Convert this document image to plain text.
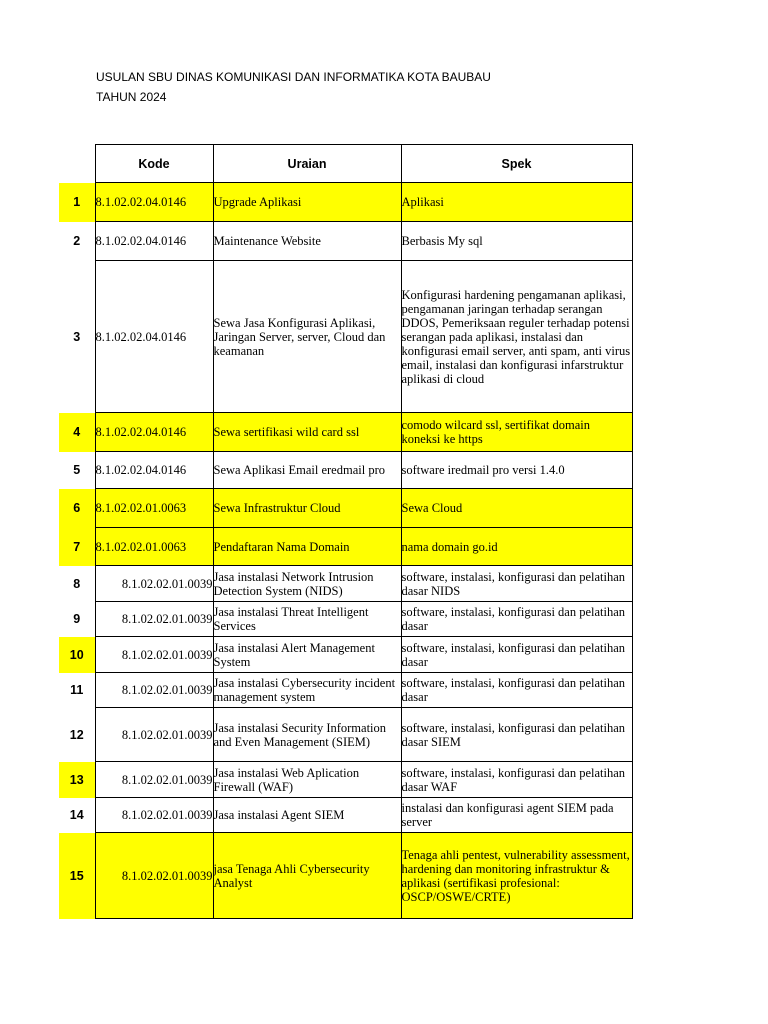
USULAN SBU DINAS KOMUNIKASI DAN INFORMATIKA KOTA BAUBAU
TAHUN 2024
	Kode	Uraian	Spek
1	8.1.02.02.04.0146	Upgrade Aplikasi	Aplikasi
2	8.1.02.02.04.0146	Maintenance Website	Berbasis My sql
3	8.1.02.02.04.0146	Sewa Jasa Konfigurasi Aplikasi, Jaringan Server, server, Cloud dan keamanan	Konfigurasi hardening pengamanan aplikasi, pengamanan jaringan terhadap serangan DDOS, Pemeriksaan reguler terhadap potensi serangan pada aplikasi, instalasi dan konfigurasi email server, anti spam, anti virus email, instalasi dan konfigurasi infarstruktur aplikasi di cloud
4	8.1.02.02.04.0146	Sewa sertifikasi wild card ssl	comodo wilcard ssl, sertifikat domain koneksi ke https
5	8.1.02.02.04.0146	Sewa Aplikasi Email eredmail pro	software iredmail pro versi 1.4.0
6	8.1.02.02.01.0063	Sewa Infrastruktur Cloud	Sewa Cloud
7	8.1.02.02.01.0063	Pendaftaran Nama Domain	nama domain go.id
8	8.1.02.02.01.0039	Jasa instalasi Network Intrusion Detection System (NIDS)	software, instalasi, konfigurasi dan pelatihan dasar NIDS
9	8.1.02.02.01.0039	Jasa instalasi Threat Intelligent Services	software, instalasi, konfigurasi dan pelatihan dasar
10	8.1.02.02.01.0039	Jasa instalasi Alert Management System	software, instalasi, konfigurasi dan pelatihan dasar
11	8.1.02.02.01.0039	Jasa instalasi Cybersecurity incident management system	software, instalasi, konfigurasi dan pelatihan dasar
12	8.1.02.02.01.0039	Jasa instalasi Security Information and Even Management (SIEM)	software, instalasi, konfigurasi dan pelatihan dasar SIEM
13	8.1.02.02.01.0039	Jasa instalasi Web Aplication Firewall (WAF)	software, instalasi, konfigurasi dan pelatihan dasar WAF
14	8.1.02.02.01.0039	Jasa instalasi Agent SIEM	instalasi dan konfigurasi agent SIEM pada server
15	8.1.02.02.01.0039	jasa Tenaga Ahli Cybersecurity Analyst	Tenaga ahli pentest, vulnerability assessment, hardening dan monitoring infrastruktur & aplikasi (sertifikasi profesional: OSCP/OSWE/CRTE)
